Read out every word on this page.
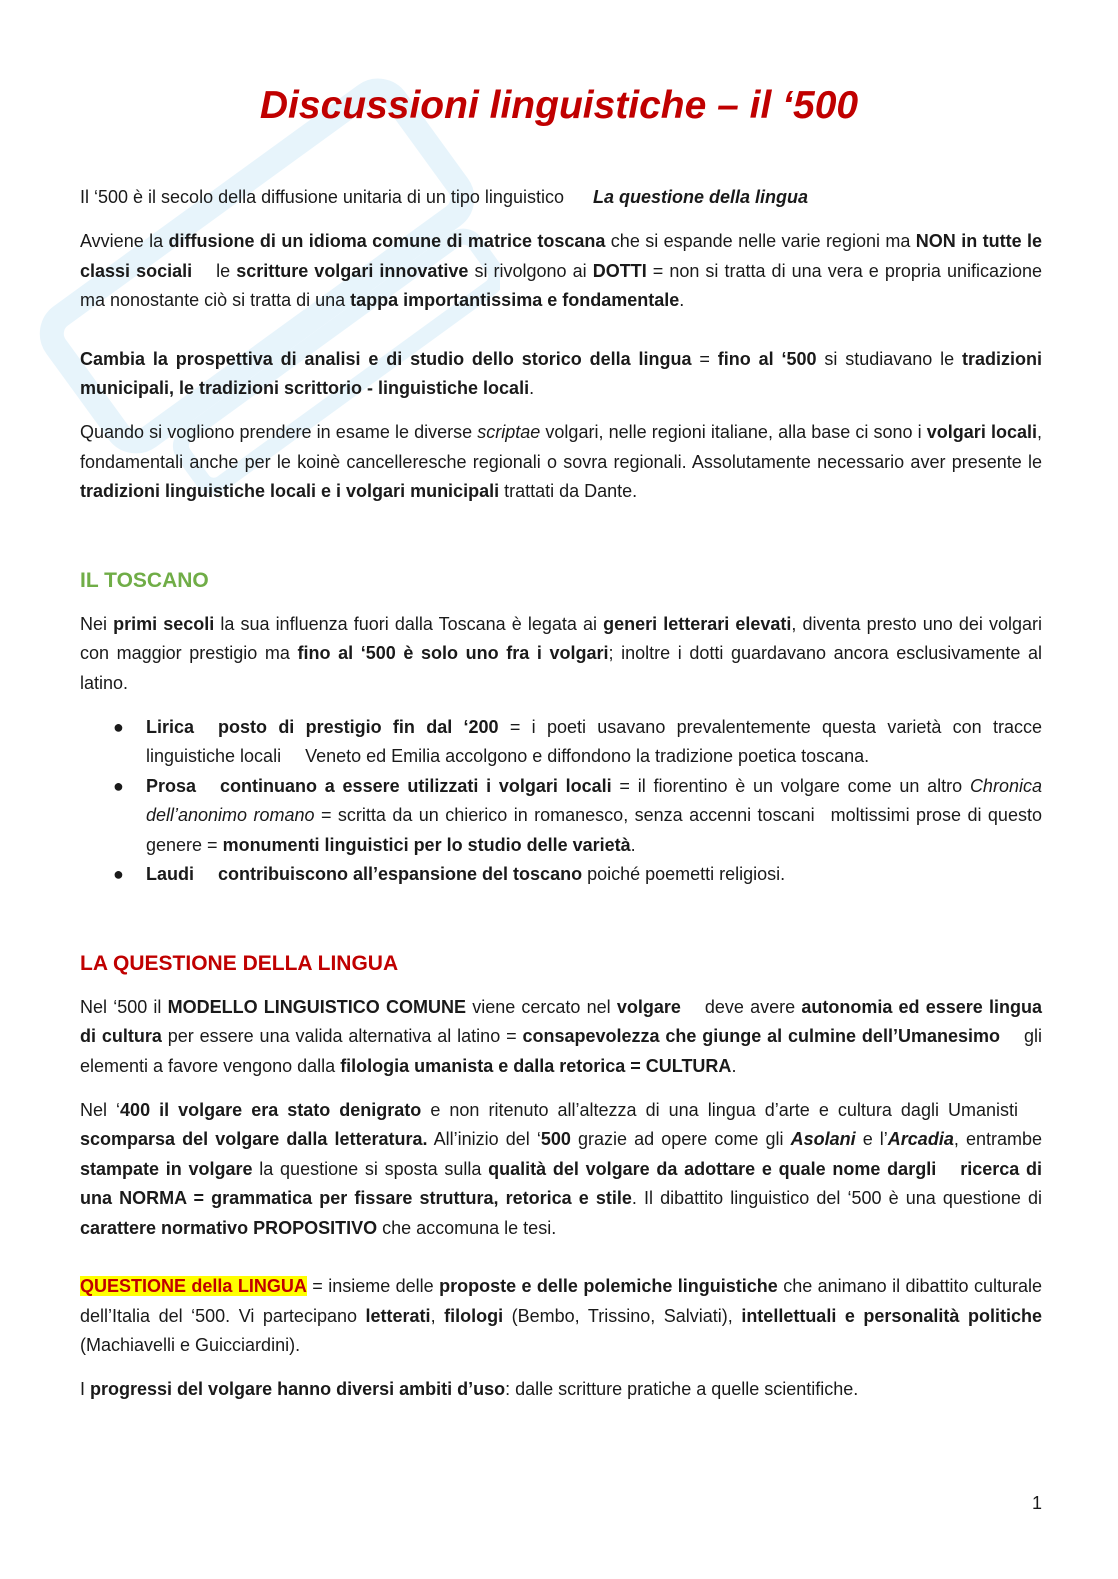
Discussioni linguistiche – il ‘500

Il ‘500 è il secolo della diffusione unitaria di un tipo linguistico La questione della lingua

Avviene la diffusione di un idioma comune di matrice toscana che si espande nelle varie regioni ma NON in tutte le classi sociali le scritture volgari innovative si rivolgono ai DOTTI = non si tratta di una vera e propria unificazione ma nonostante ciò si tratta di una tappa importantissima e fondamentale.

Cambia la prospettiva di analisi e di studio dello storico della lingua = fino al ‘500 si studiavano le tradizioni municipali, le tradizioni scrittorio - linguistiche locali.

Quando si vogliono prendere in esame le diverse scriptae volgari, nelle regioni italiane, alla base ci sono i volgari locali, fondamentali anche per le koinè cancelleresche regionali o sovra regionali. Assolutamente necessario aver presente le tradizioni linguistiche locali e i volgari municipali trattati da Dante.

IL TOSCANO

Nei primi secoli la sua influenza fuori dalla Toscana è legata ai generi letterari elevati, diventa presto uno dei volgari con maggior prestigio ma fino al ‘500 è solo uno fra i volgari; inoltre i dotti guardavano ancora esclusivamente al latino.

● Lirica posto di prestigio fin dal ‘200 = i poeti usavano prevalentemente questa varietà con tracce linguistiche locali Veneto ed Emilia accolgono e diffondono la tradizione poetica toscana.
● Prosa continuano a essere utilizzati i volgari locali = il fiorentino è un volgare come un altro Chronica dell’anonimo romano = scritta da un chierico in romanesco, senza accenni toscani moltissimi prose di questo genere = monumenti linguistici per lo studio delle varietà.
● Laudi contribuiscono all’espansione del toscano poiché poemetti religiosi.
LA QUESTIONE DELLA LINGUA

Nel ‘500 il MODELLO LINGUISTICO COMUNE viene cercato nel volgare deve avere autonomia ed essere lingua di cultura per essere una valida alternativa al latino = consapevolezza che giunge al culmine dell’Umanesimo gli elementi a favore vengono dalla filologia umanista e dalla retorica = CULTURA.

Nel ‘400 il volgare era stato denigrato e non ritenuto all’altezza di una lingua d’arte e cultura dagli Umanistiscomparsa del volgare dalla letteratura. All’inizio del ‘500 grazie ad opere come gli Asolani e l’Arcadia, entrambe stampate in volgare la questione si sposta sulla qualità del volgare da adottare e quale nome dargli ricerca di una NORMA = grammatica per fissare struttura, retorica e stile. Il dibattito linguistico del ‘500 è una questione di carattere normativo PROPOSITIVO che accomuna le tesi.

QUESTIONE della LINGUA = insieme delle proposte e delle polemiche linguistiche che animano il dibattito culturale dell’Italia del ‘500. Vi partecipano letterati, filologi (Bembo, Trissino, Salviati), intellettuali e personalità politiche (Machiavelli e Guicciardini).

I progressi del volgare hanno diversi ambiti d’uso: dalle scritture pratiche a quelle scientifiche.

1
